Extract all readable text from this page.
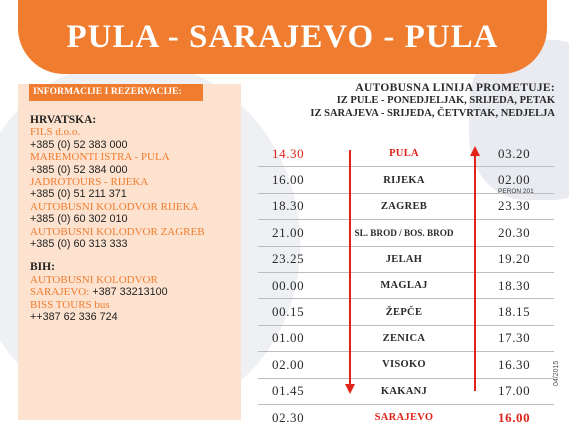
PULA - SARAJEVO - PULA
INFORMACIJE I REZERVACIJE:
HRVATSKA:
FILS d.o.o.
+385 (0) 52 383 000
MAREMONTI ISTRA - PULA
+385 (0) 52 384 000
JADROTOURS - RIJEKA
+385 (0) 51 211 371
AUTOBUSNI KOLODVOR RIJEKA
+385 (0) 60 302 010
AUTOBUSNI KOLODVOR ZAGREB
+385 (0) 60 313 333
BIH:
AUTOBUSNI KOLODVOR
SARAJEVO: +387 33213100
BISS TOURS bus
++387 62 336 724
AUTOBUSNA LINIJA PROMETUJE:
IZ PULE - PONEDJELJAK, SRIJEDA, PETAK
IZ SARAJEVA - SRIJEDA, ČETVRTAK, NEDJELJA
14.30	PULA	03.20
16.00	RIJEKA	02.00
18.30	ZAGREB	23.30
PERON 201
21.00	SL. BROD / BOS. BROD	20.30
23.25	JELAH	19.20
00.00	MAGLAJ	18.30
00.15	ŽEPČE	18.15
01.00	ZENICA	17.30
02.00	VISOKO	16.30
01.45	KAKANJ	17.00
02.30	SARAJEVO	16.00
04/2015
